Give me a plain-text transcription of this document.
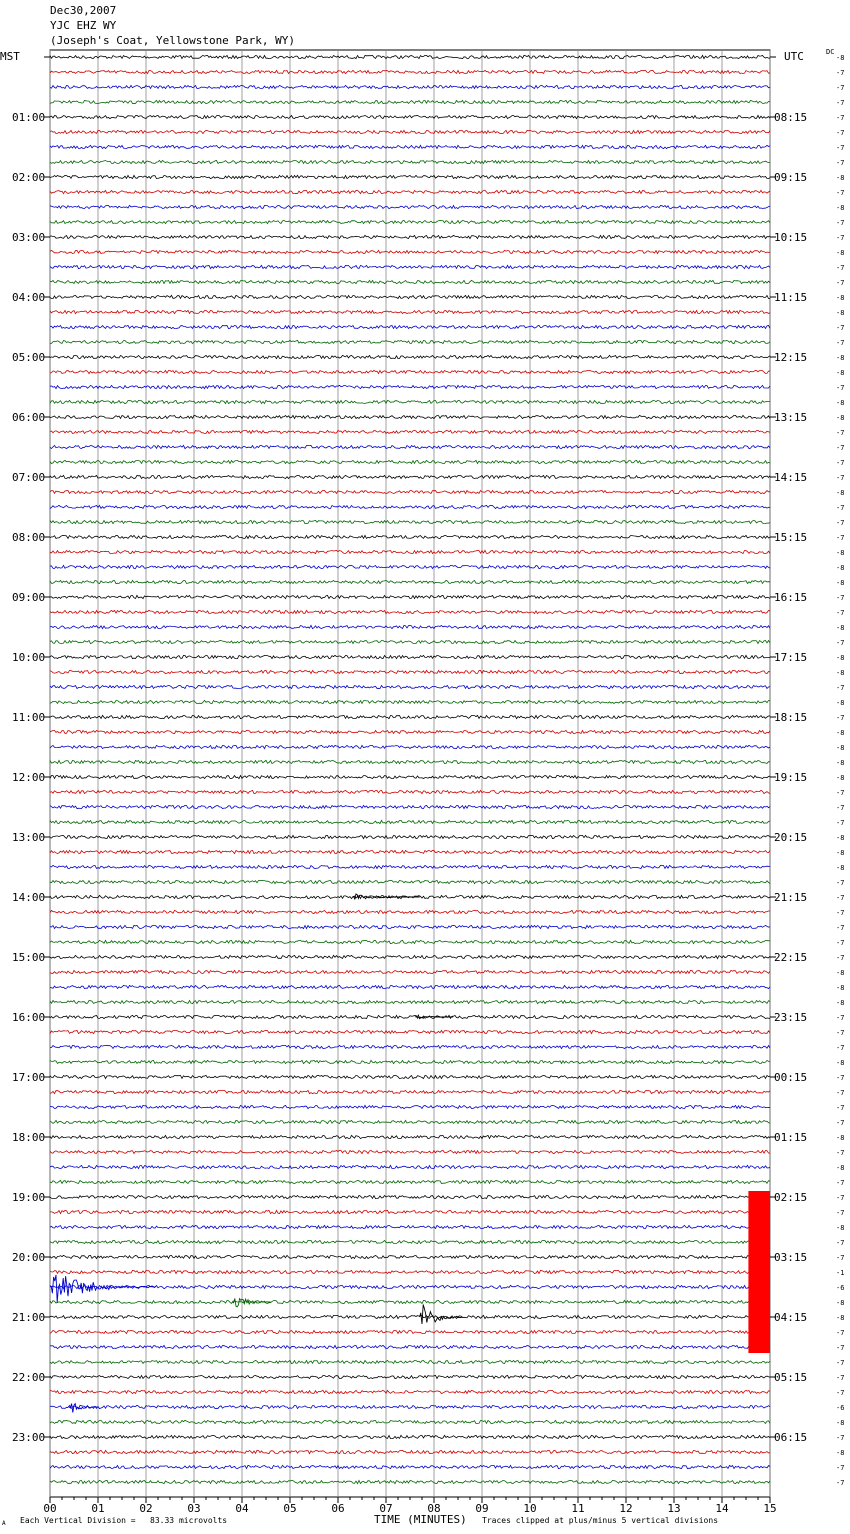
Dec30,2007
YJC EHZ WY
(Joseph's Coat, Yellowstone Park, WY)
MST	UTC	DC
00	01	02	03	04	05	06	07	08	09	10	11	12	13	14	15
-8
-7
-7
-7
01:00	08:15	-7
-7
-7
-7
02:00	09:15	-8
-7
-8
-7
03:00	10:15	-7
-8
-7
-7
04:00	11:15	-8
-8
-7
-7
05:00	12:15	-8
-8
-7
-8
06:00	13:15	-8
-7
-7
-7
07:00	14:15	-7
-8
-7
-7
08:00	15:15	-7
-8
-8
-8
09:00	16:15	-7
-7
-8
-7
10:00	17:15	-8
-8
-7
-8
11:00	18:15	-7
-8
-8
-8
12:00	19:15	-8
-7
-7
-7
13:00	20:15	-8
-8
-8
-7
14:00	21:15	-7
-7
-7
-7
15:00	22:15	-7
-8
-8
-8
16:00	23:15	-7
-7
-7
-8
17:00	00:15	-7
-7
-7
-7
18:00	01:15	-8
-7
-8
-7
19:00	02:15	-7
-7
-8
-7
20:00	03:15	-7
-1
-6
-8
21:00	04:15	-8
-7
-7
-7
22:00	05:15	-7
-7
-6
-8
23:00	06:15	-7
-8
-7
-7
Each Vertical Division =   83.33 microvolts	TIME (MINUTES) Traces clipped at plus/minus 5 vertical divisions
A
